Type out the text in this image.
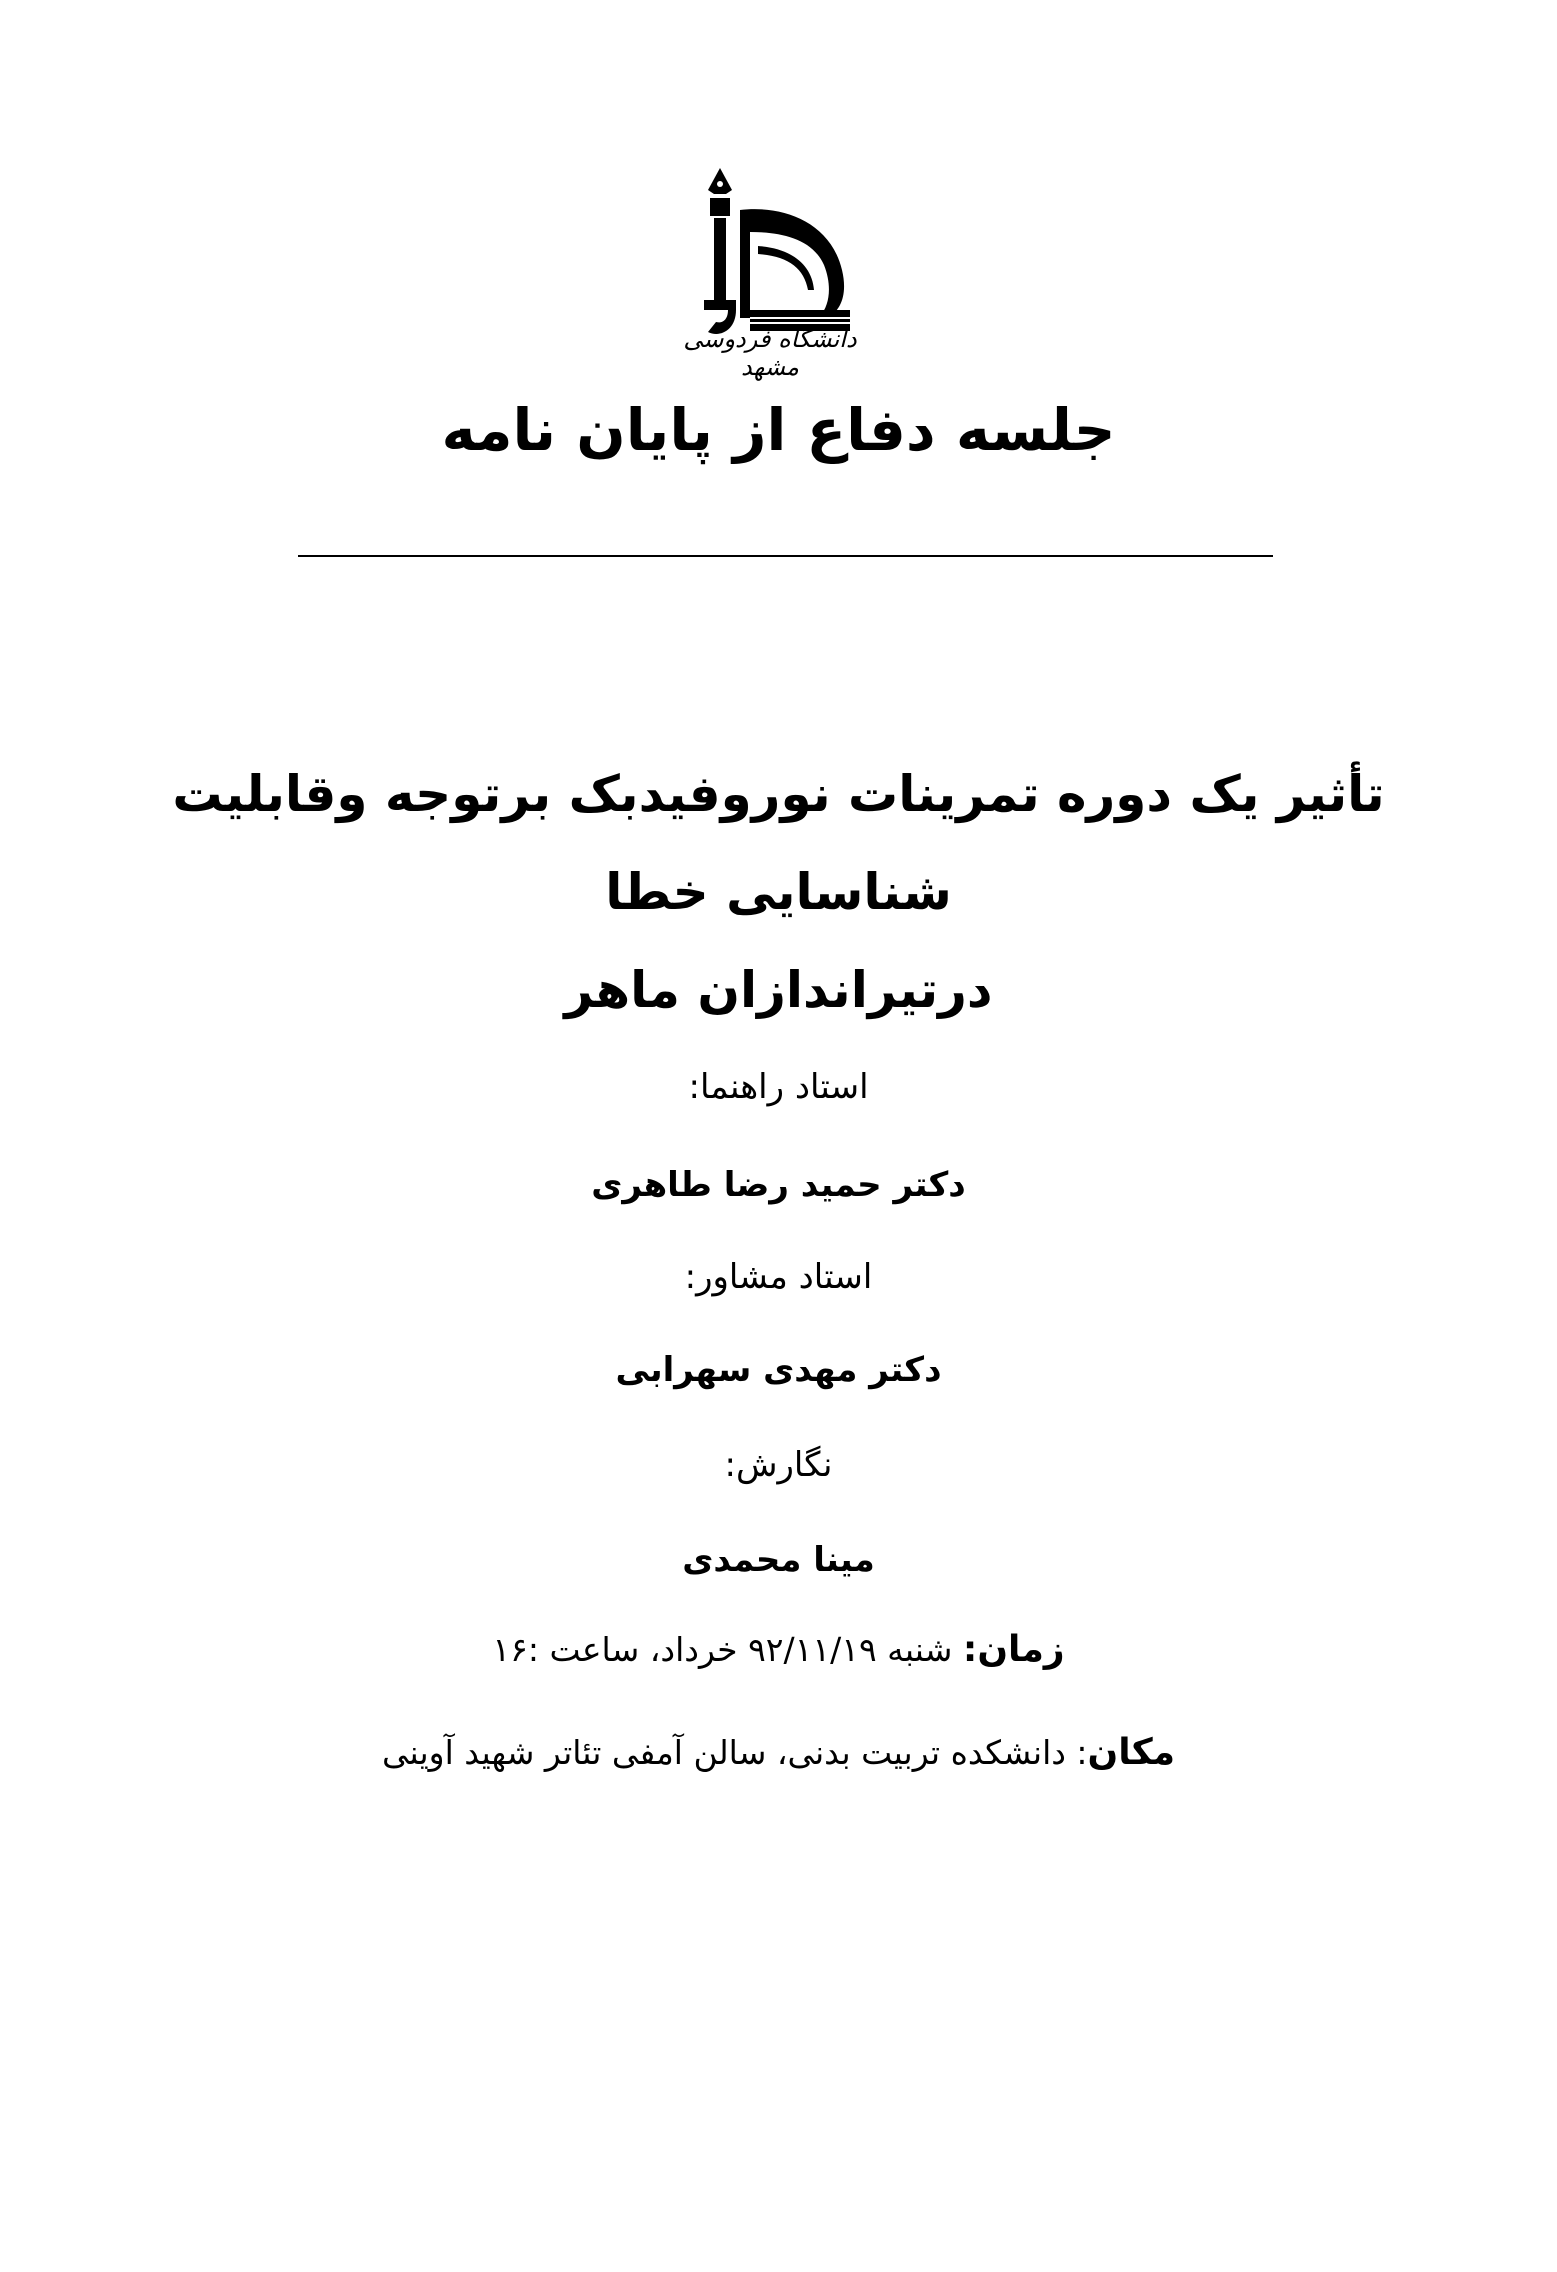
دانشگاه فردوسی مشهد
جلسه دفاع از پایان نامه
تأثیر یک دوره تمرینات نوروفیدبک برتوجه وقابلیت شناسایی خطا
درتیراندازان ماهر
استاد راهنما:
دکتر حمید رضا طاهری
استاد مشاور:
دکتر مهدی سهرابی
نگارش:
مینا محمدی
زمان: شنبه ۹۲/۱۱/۱۹ خرداد، ساعت :۱۶
مکان: دانشکده تربیت بدنی، سالن آمفی تئاتر شهید آوینی
